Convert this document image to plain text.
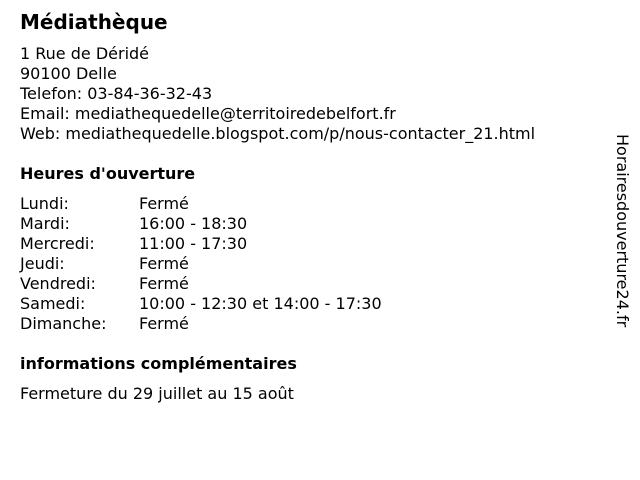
Médiathèque
1 Rue de Déridé
90100 Delle
Telefon: 03-84-36-32-43
Email: mediathequedelle@territoiredebelfort.fr
Web: mediathequedelle.blogspot.com/p/nous-contacter_21.html
Heures d'ouverture
Lundi:	Fermé
Mardi:	16:00 - 18:30
Mercredi:	11:00 - 17:30
Jeudi:	Fermé
Vendredi:	Fermé
Samedi:	10:00 - 12:30 et 14:00 - 17:30
Dimanche: Fermé
informations complémentaires
Fermeture du 29 juillet au 15 août
Horairesdouverture24.fr
